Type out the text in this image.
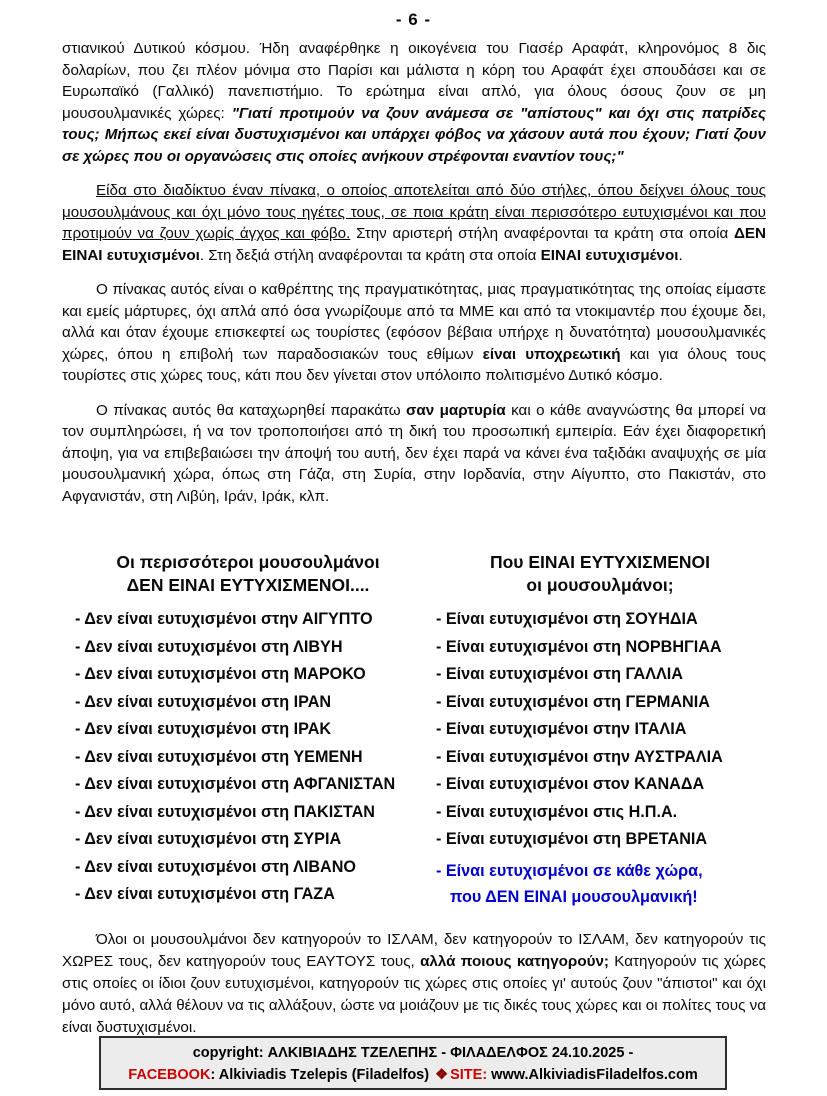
- 6 -

στιανικού Δυτικού κόσμου. Ήδη αναφέρθηκε η οικογένεια του Γιασέρ Αραφάτ, κληρονόμος 8 δις δολαρίων, που ζει πλέον μόνιμα στο Παρίσι και μάλιστα η κόρη του Αραφάτ έχει σπουδάσει και σε Ευρωπαϊκό (Γαλλικό) πανεπιστήμιο. Το ερώτημα είναι απλό, για όλους όσους ζουν σε μη μουσουλμανικές χώρες: "Γιατί προτιμούν να ζουν ανάμεσα σε "απίστους" και όχι στις πατρίδες τους; Μήπως εκεί είναι δυστυχισμένοι και υπάρχει φόβος να χάσουν αυτά που έχουν; Γιατί ζουν σε χώρες που οι οργανώσεις στις οποίες ανήκουν στρέφονται εναντίον τους;"

Είδα στο διαδίκτυο έναν πίνακα, ο οποίος αποτελείται από δύο στήλες, όπου δείχνει όλους τους μουσουλμάνους και όχι μόνο τους ηγέτες τους, σε ποια κράτη είναι περισσότερο ευτυχισμένοι και που προτιμούν να ζουν χωρίς άγχος και φόβο. Στην αριστερή στήλη αναφέρονται τα κράτη στα οποία ΔΕΝ ΕΙΝΑΙ ευτυχισμένοι. Στη δεξιά στήλη αναφέρονται τα κράτη στα οποία ΕΙΝΑΙ ευτυχισμένοι.

Ο πίνακας αυτός είναι ο καθρέπτης της πραγματικότητας, μιας πραγματικότητας της οποίας είμαστε και εμείς μάρτυρες, όχι απλά από όσα γνωρίζουμε από τα ΜΜΕ και από τα ντοκιμαντέρ που έχουμε δει, αλλά και όταν έχουμε επισκεφτεί ως τουρίστες (εφόσον βέβαια υπήρχε η δυνατότητα) μουσουλμανικές χώρες, όπου η επιβολή των παραδοσιακών τους εθίμων είναι υποχρεωτική και για όλους τους τουρίστες στις χώρες τους, κάτι που δεν γίνεται στον υπόλοιπο πολιτισμένο Δυτικό κόσμο.

Ο πίνακας αυτός θα καταχωρηθεί παρακάτω σαν μαρτυρία και ο κάθε αναγνώστης θα μπορεί να τον συμπληρώσει, ή να τον τροποποιήσει από τη δική του προσωπική εμπειρία. Εάν έχει διαφορετική άποψη, για να επιβεβαιώσει την άποψή του αυτή, δεν έχει παρά να κάνει ένα ταξιδάκι αναψυχής σε μία μουσουλμανική χώρα, όπως στη Γάζα, στη Συρία, στην Ιορδανία, στην Αίγυπτο, στο Πακιστάν, στο Αφγανιστάν, στη Λιβύη, Ιράν, Ιράκ, κλπ.

Οι περισσότεροι μουσουλμάνοι
ΔΕΝ ΕΙΝΑΙ ΕΥΤΥΧΙΣΜΕΝΟΙ....
- Δεν είναι ευτυχισμένοι στην ΑΙΓΥΠΤΟ
- Δεν είναι ευτυχισμένοι στη ΛΙΒΥΗ
- Δεν είναι ευτυχισμένοι στη ΜΑΡΟΚΟ
- Δεν είναι ευτυχισμένοι στη ΙΡΑΝ
- Δεν είναι ευτυχισμένοι στη ΙΡΑΚ
- Δεν είναι ευτυχισμένοι στη ΥΕΜΕΝΗ
- Δεν είναι ευτυχισμένοι στη ΑΦΓΑΝΙΣΤΑΝ
- Δεν είναι ευτυχισμένοι στη ΠΑΚΙΣΤΑΝ
- Δεν είναι ευτυχισμένοι στη ΣΥΡΙΑ
- Δεν είναι ευτυχισμένοι στη ΛΙΒΑΝΟ
- Δεν είναι ευτυχισμένοι στη ΓΑΖΑ
Που ΕΙΝΑΙ ΕΥΤΥΧΙΣΜΕΝΟΙ
οι μουσουλμάνοι;
- Είναι ευτυχισμένοι στη ΣΟΥΗΔΙΑ
- Είναι ευτυχισμένοι στη ΝΟΡΒΗΓΙΑΑ
- Είναι ευτυχισμένοι στη ΓΑΛΛΙΑ
- Είναι ευτυχισμένοι στη ΓΕΡΜΑΝΙΑ
- Είναι ευτυχισμένοι στην ΙΤΑΛΙΑ
- Είναι ευτυχισμένοι στην ΑΥΣΤΡΑΛΙΑ
- Είναι ευτυχισμένοι στον ΚΑΝΑΔΑ
- Είναι ευτυχισμένοι στις Η.Π.Α.
- Είναι ευτυχισμένοι στη ΒΡΕΤΑΝΙΑ
- Είναι ευτυχισμένοι σε κάθε χώρα,
που ΔΕΝ ΕΙΝΑΙ μουσουλμανική!

Όλοι οι μουσουλμάνοι δεν κατηγορούν το ΙΣΛΑΜ, δεν κατηγορούν το ΙΣΛΑΜ, δεν κατηγορούν τις ΧΩΡΕΣ τους, δεν κατηγορούν τους ΕΑΥΤΟΥΣ τους, αλλά ποιους κατηγορούν; Κατηγορούν τις χώρες στις οποίες οι ίδιοι ζουν ευτυχισμένοι, κατηγορούν τις χώρες στις οποίες γι' αυτούς ζουν "άπιστοι" και όχι μόνο αυτό, αλλά θέλουν να τις αλλάξουν, ώστε να μοιάζουν με τις δικές τους χώρες και οι πολίτες τους να είναι δυστυχισμένοι.

copyright: ΑΛΚΙΒΙΑΔΗΣ ΤΖΕΛΕΠΗΣ - ΦΙΛΑΔΕΛΦΟΣ 24.10.2025 -
FACEBOOK: Alkiviadis Tzelepis (Filadelfos) ❖ SITE: www.AlkiviadisFiladelfos.com
